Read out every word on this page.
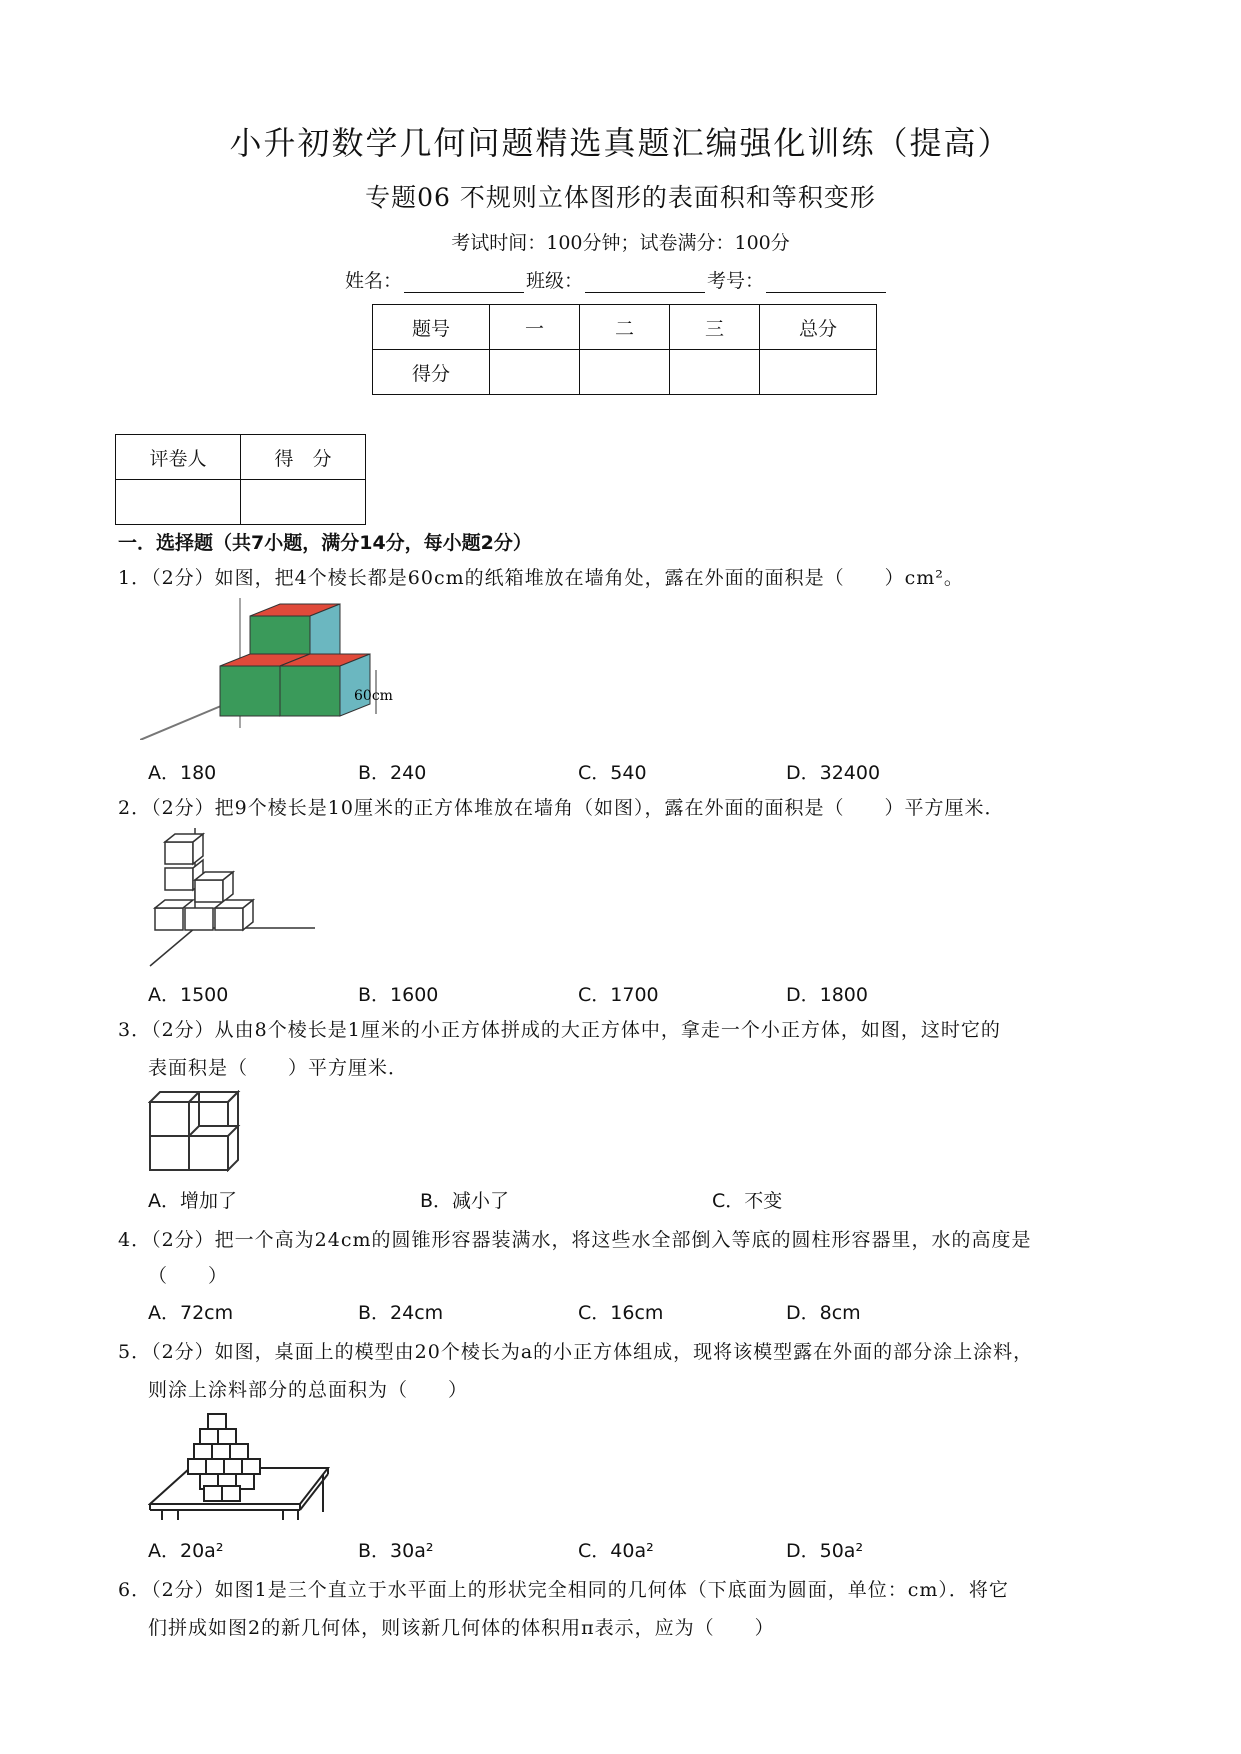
小升初数学几何问题精选真题汇编强化训练（提高）
专题06 不规则立体图形的表面积和等积变形
考试时间：100分钟；试卷满分：100分
姓名：	班级：	考号：
题号	一	二	三	总分
得分				
评卷人	得　分

一．选择题（共7小题，满分14分，每小题2分）
1．（2分）如图，把4个棱长都是60cm的纸箱堆放在墙角处，露在外面的面积是（　　）cm²。
60cm
A．180	B．240	C．540	D．32400
2．（2分）把9个棱长是10厘米的正方体堆放在墙角（如图），露在外面的面积是（　　）平方厘米．
A．1500	B．1600	C．1700	D．1800
3．（2分）从由8个棱长是1厘米的小正方体拼成的大正方体中，拿走一个小正方体，如图，这时它的
表面积是（　　）平方厘米．
A．增加了	B．减小了	C．不变
4．（2分）把一个高为24cm的圆锥形容器装满水，将这些水全部倒入等底的圆柱形容器里，水的高度是
（　　）
A．72cm	B．24cm	C．16cm	D．8cm
5．（2分）如图，桌面上的模型由20个棱长为a的小正方体组成，现将该模型露在外面的部分涂上涂料，
则涂上涂料部分的总面积为（　　）
A．20a²	B．30a²	C．40a²	D．50a²
6．（2分）如图1是三个直立于水平面上的形状完全相同的几何体（下底面为圆面，单位：cm）．将它
们拼成如图2的新几何体，则该新几何体的体积用π表示，应为（　　）
